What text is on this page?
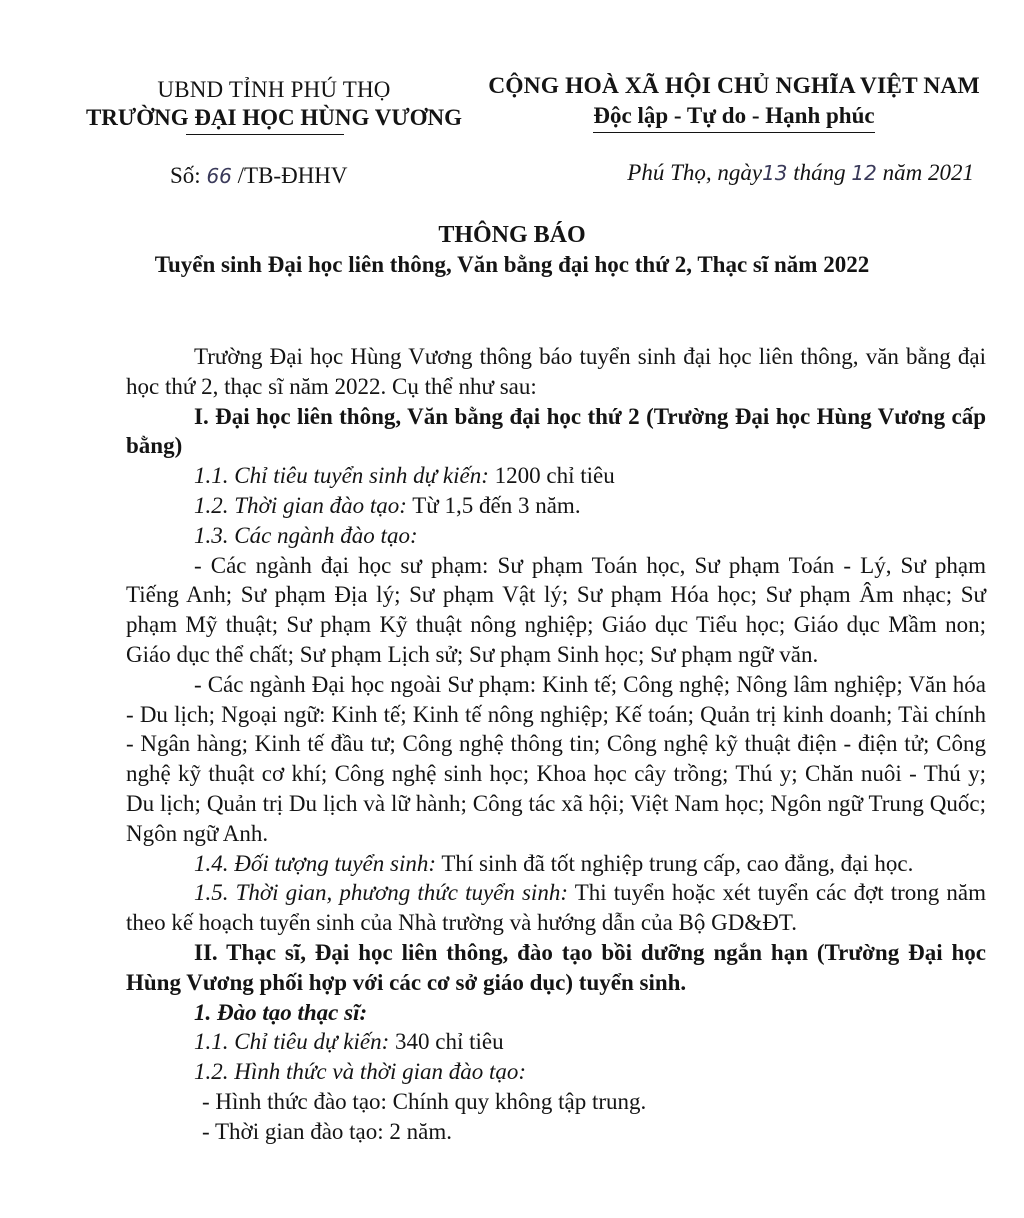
UBND TỈNH PHÚ THỌ
TRƯỜNG ĐẠI HỌC HÙNG VƯƠNG
CỘNG HOÀ XÃ HỘI CHỦ NGHĨA VIỆT NAM
Độc lập - Tự do - Hạnh phúc
Số: 66 /TB-ĐHHV	Phú Thọ, ngày13 tháng 12 năm 2021
THÔNG BÁO
Tuyển sinh Đại học liên thông, Văn bằng đại học thứ 2, Thạc sĩ năm 2022

Trường Đại học Hùng Vương thông báo tuyển sinh đại học liên thông, văn bằng đại học thứ 2, thạc sĩ năm 2022. Cụ thể như sau:

I. Đại học liên thông, Văn bằng đại học thứ 2 (Trường Đại học Hùng Vương cấp bằng)

1.1. Chỉ tiêu tuyển sinh dự kiến: 1200 chỉ tiêu

1.2. Thời gian đào tạo: Từ 1,5 đến 3 năm.

1.3. Các ngành đào tạo:

- Các ngành đại học sư phạm: Sư phạm Toán học, Sư phạm Toán - Lý, Sư phạm Tiếng Anh; Sư phạm Địa lý; Sư phạm Vật lý; Sư phạm Hóa học; Sư phạm Âm nhạc; Sư phạm Mỹ thuật; Sư phạm Kỹ thuật nông nghiệp; Giáo dục Tiểu học; Giáo dục Mầm non; Giáo dục thể chất; Sư phạm Lịch sử; Sư phạm Sinh học; Sư phạm ngữ văn.

- Các ngành Đại học ngoài Sư phạm: Kinh tế; Công nghệ; Nông lâm nghiệp; Văn hóa - Du lịch; Ngoại ngữ: Kinh tế; Kinh tế nông nghiệp; Kế toán; Quản trị kinh doanh; Tài chính - Ngân hàng; Kinh tế đầu tư; Công nghệ thông tin; Công nghệ kỹ thuật điện - điện tử; Công nghệ kỹ thuật cơ khí; Công nghệ sinh học; Khoa học cây trồng; Thú y; Chăn nuôi - Thú y; Du lịch; Quản trị Du lịch và lữ hành; Công tác xã hội; Việt Nam học; Ngôn ngữ Trung Quốc; Ngôn ngữ Anh.

1.4. Đối tượng tuyển sinh: Thí sinh đã tốt nghiệp trung cấp, cao đẳng, đại học.

1.5. Thời gian, phương thức tuyển sinh: Thi tuyển hoặc xét tuyển các đợt trong năm theo kế hoạch tuyển sinh của Nhà trường và hướng dẫn của Bộ GD&ĐT.

II. Thạc sĩ, Đại học liên thông, đào tạo bồi dưỡng ngắn hạn (Trường Đại học Hùng Vương phối hợp với các cơ sở giáo dục) tuyển sinh.

1. Đào tạo thạc sĩ:

1.1. Chỉ tiêu dự kiến: 340 chỉ tiêu

1.2. Hình thức và thời gian đào tạo:

- Hình thức đào tạo: Chính quy không tập trung.

- Thời gian đào tạo: 2 năm.
